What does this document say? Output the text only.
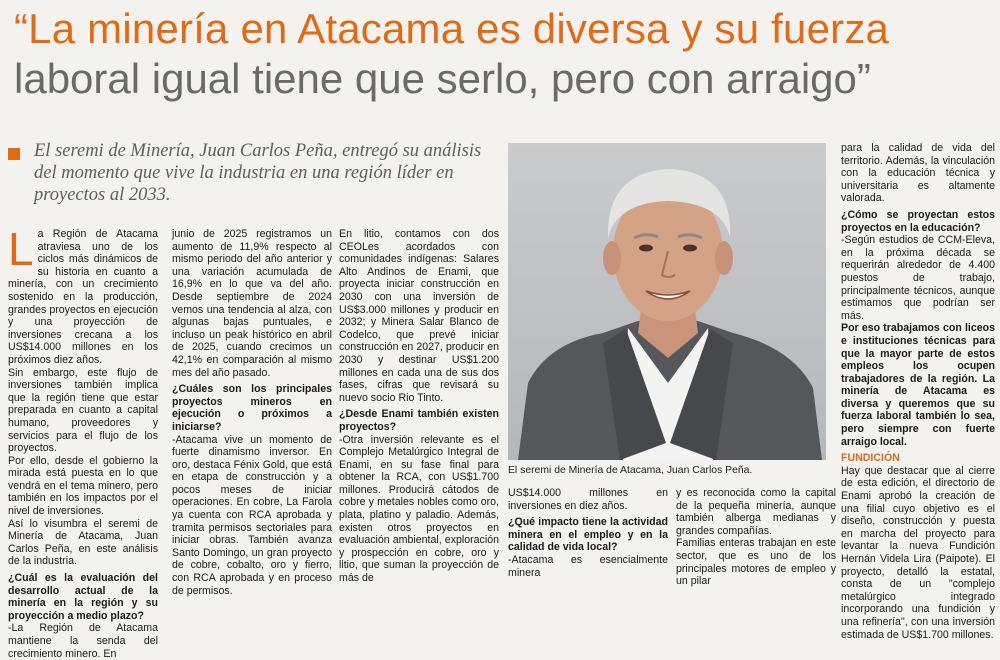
“La minería en Atacama es diversa y su fuerza
laboral igual tiene que serlo, pero con arraigo”

El seremi de Minería, Juan Carlos Peña, entregó su análisis del momento que vive la industria en una región líder en proyectos al 2033.

La Región de Atacama atraviesa uno de los ciclos más dinámicos de su historia en cuanto a minería, con un crecimiento sostenido en la producción, grandes proyectos en ejecución y una proyección de inversiones crecana a los US$14.000 millones en los próximos diez años.

Sin embargo, este flujo de inversiones también implica que la región tiene que estar preparada en cuanto a capital humano, proveedores y servicios para el flujo de los proyectos.

Por ello, desde el gobierno la mirada está puesta en lo que vendrá en el tema minero, pero también en los impactos por el nivel de inversiones.

Así lo visumbra el seremi de Minería de Atacama, Juan Carlos Peña, en este análisis de la industria.

¿Cuál es la evaluación del desarrollo actual de la minería en la región y su proyección a medio plazo?

-La Región de Atacama mantiene la senda del crecimiento minero. En

junio de 2025 registramos un aumento de 11,9% respecto al mismo periodo del año anterior y una variación acumulada de 16,9% en lo que va del año. Desde septiembre de 2024 vemos una tendencia al alza, con algunas bajas puntuales, e incluso un peak histórico en abril de 2025, cuando crecimos un 42,1% en comparación al mismo mes del año pasado.

¿Cuáles son los principales proyectos mineros en ejecución o próximos a iniciarse?

-Atacama vive un momento de fuerte dinamismo inversor. En oro, destaca Fénix Gold, que está en etapa de construcción y a pocos meses de iniciar operaciones. En cobre, La Farola ya cuenta con RCA aprobada y tramita permisos sectoriales para iniciar obras. También avanza Santo Domingo, un gran proyecto de cobre, cobalto, oro y fierro, con RCA aprobada y en proceso de permisos.

En litio, contamos con dos CEOLes acordados con comunidades indígenas: Salares Alto Andinos de Enami, que proyecta iniciar construcción en 2030 con una inversión de US$3.000 millones y producir en 2032; y Minera Salar Blanco de Codelco, que prevé iniciar construcción en 2027, producir en 2030 y destinar US$1.200 millones en cada una de sus dos fases, cifras que revisará su nuevo socio Rio Tinto.

¿Desde Enami también existen proyectos?

-Otra inversión relevante es el Complejo Metalúrgico Integral de Enami, en su fase final para obtener la RCA, con US$1.700 millones. Producirá cátodos de cobre y metales nobles como oro, plata, platino y paladio. Además, existen otros proyectos en evaluación ambiental, exploración y prospección en cobre, oro y litio, que suman la proyección de más de

El seremi de Minería de Atacama, Juan Carlos Peña.

US$14.000 millones en inversiones en diez años.

¿Qué impacto tiene la actividad minera en el empleo y en la calidad de vida local?

-Atacama es esencialmente minera

y es reconocida como la capital de la pequeña minería, aunque también alberga medianas y grandes compañías.

Familias enteras trabajan en este sector, que es uno de los principales motores de empleo y un pilar

para la calidad de vida del territorio. Además, la vinculación con la educación técnica y universitaria es altamente valorada.

¿Cómo se proyectan estos proyectos en la educación?

-Según estudios de CCM-Eleva, en la próxima década se requerirán alrededor de 4.400 puestos de trabajo, principalmente técnicos, aunque estimamos que podrían ser más.

Por eso trabajamos con liceos e instituciones técnicas para que la mayor parte de estos empleos los ocupen trabajadores de la región. La minería de Atacama es diversa y queremos que su fuerza laboral también lo sea, pero siempre con fuerte arraigo local.

FUNDICIÓN

Hay que destacar que al cierre de esta edición, el directorio de Enami aprobó la creación de una filial cuyo objetivo es el diseño, construcción y puesta en marcha del proyecto para levantar la nueva Fundición Hernán Videla Lira (Paipote). El proyecto, detalló la estatal, consta de un "complejo metalúrgico integrado incorporando una fundición y una refinería", con una inversión estimada de US$1.700 millones.
